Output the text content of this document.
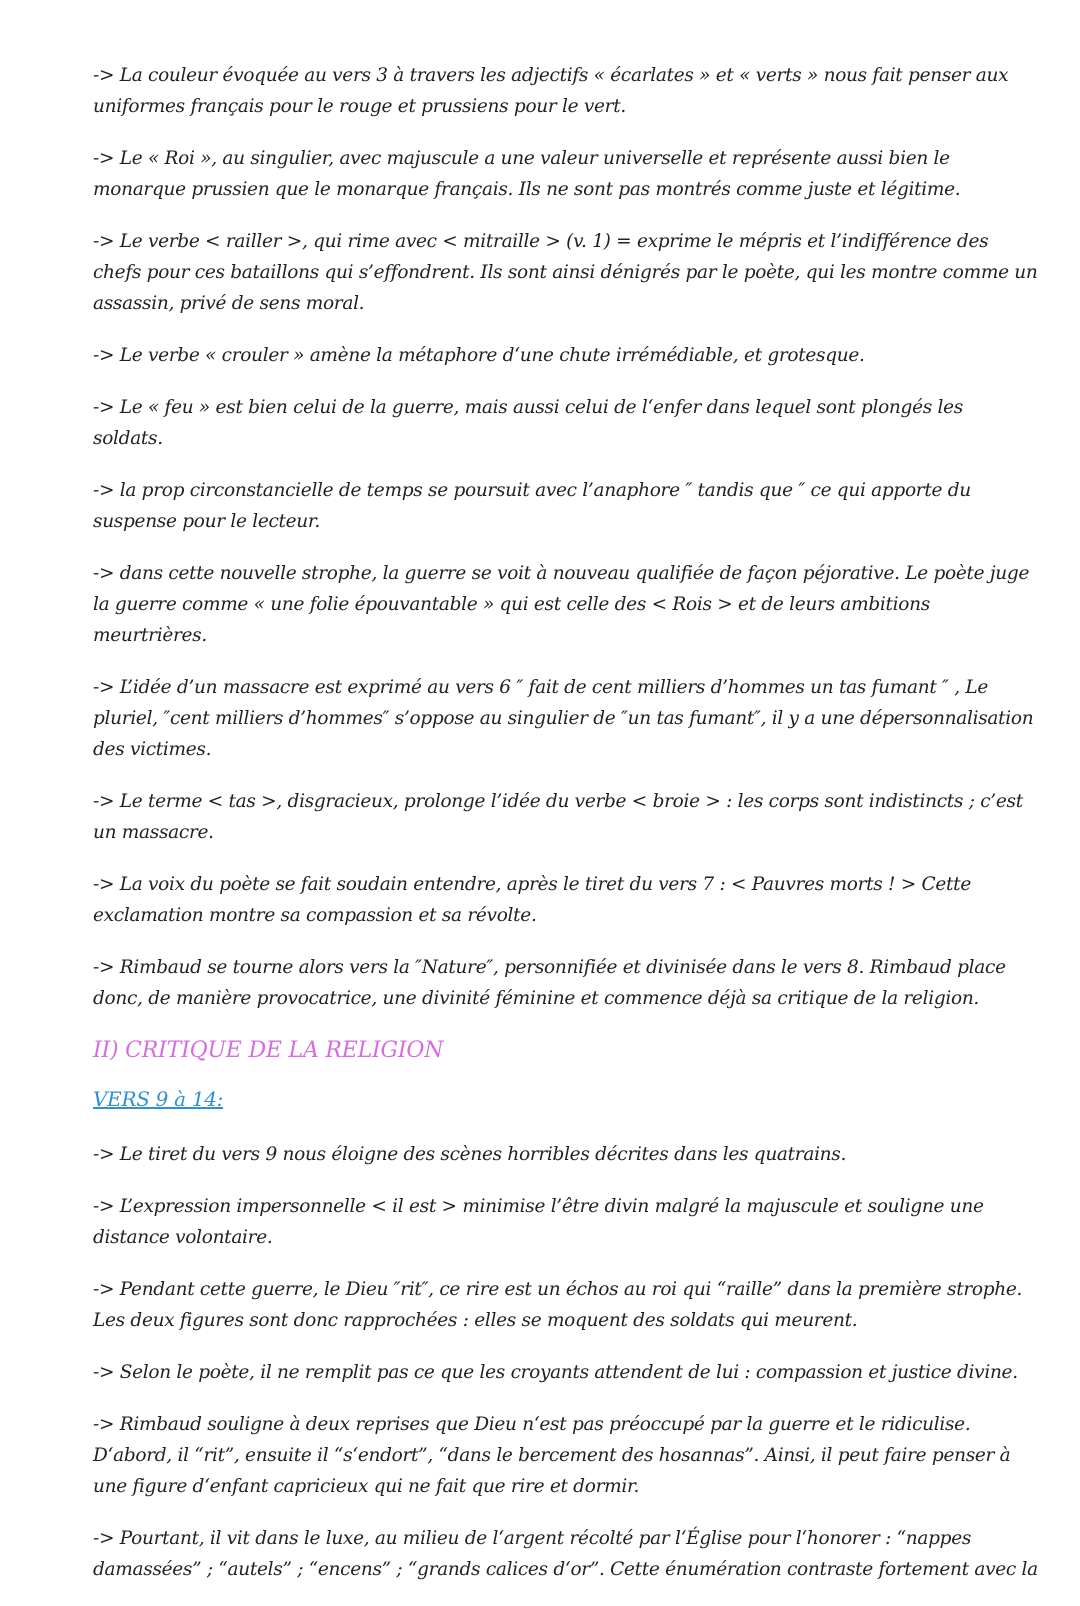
-> La couleur évoquée au vers 3 à travers les adjectifs « écarlates » et « verts » nous fait penser aux uniformes français pour le rouge et prussiens pour le vert.

-> Le « Roi », au singulier, avec majuscule a une valeur universelle et représente aussi bien le monarque prussien que le monarque français. Ils ne sont pas montrés comme juste et légitime.

-> Le verbe < railler >, qui rime avec < mitraille > (v. 1) = exprime le mépris et l’indifférence des chefs pour ces bataillons qui s’effondrent. Ils sont ainsi dénigrés par le poète, qui les montre comme un assassin, privé de sens moral.

-> Le verbe « crouler » amène la métaphore d‘une chute irrémédiable, et grotesque.

-> Le « feu » est bien celui de la guerre, mais aussi celui de l‘enfer dans lequel sont plongés les soldats.

-> la prop circonstancielle de temps se poursuit avec l’anaphore ″ tandis que ″ ce qui apporte du suspense pour le lecteur.

-> dans cette nouvelle strophe, la guerre se voit à nouveau qualifiée de façon péjorative. Le poète juge la guerre comme « une folie épouvantable » qui est celle des < Rois > et de leurs ambitions meurtrières.

-> L’idée d’un massacre est exprimé au vers 6 ″ fait de cent milliers d’hommes un tas fumant ″ , Le pluriel, ″cent milliers d’hommes″ s’oppose au singulier de ″un tas fumant″, il y a une dépersonnalisation des victimes.

-> Le terme < tas >, disgracieux, prolonge l’idée du verbe < broie > : les corps sont indistincts ; c’est un massacre.

-> La voix du poète se fait soudain entendre, après le tiret du vers 7 : < Pauvres morts ! > Cette exclamation montre sa compassion et sa révolte.

-> Rimbaud se tourne alors vers la ″Nature″, personnifiée et divinisée dans le vers 8. Rimbaud place donc, de manière provocatrice, une divinité féminine et commence déjà sa critique de la religion.

II) CRITIQUE DE LA RELIGION
VERS 9 à 14:

-> Le tiret du vers 9 nous éloigne des scènes horribles décrites dans les quatrains.

-> L’expression impersonnelle < il est > minimise l’être divin malgré la majuscule et souligne une distance volontaire.

-> Pendant cette guerre, le Dieu ″rit″, ce rire est un échos au roi qui “raille” dans la première strophe. Les deux figures sont donc rapprochées : elles se moquent des soldats qui meurent.

-> Selon le poète, il ne remplit pas ce que les croyants attendent de lui : compassion et justice divine.

-> Rimbaud souligne à deux reprises que Dieu n‘est pas préoccupé par la guerre et le ridiculise. D‘abord, il “rit”, ensuite il “s‘endort”, “dans le bercement des hosannas”. Ainsi, il peut faire penser à une figure d‘enfant capricieux qui ne fait que rire et dormir.

-> Pourtant, il vit dans le luxe, au milieu de l‘argent récolté par l‘Église pour l‘honorer : “nappes damassées” ; “autels” ; “encens” ; “grands calices d‘or”. Cette énumération contraste fortement avec la
